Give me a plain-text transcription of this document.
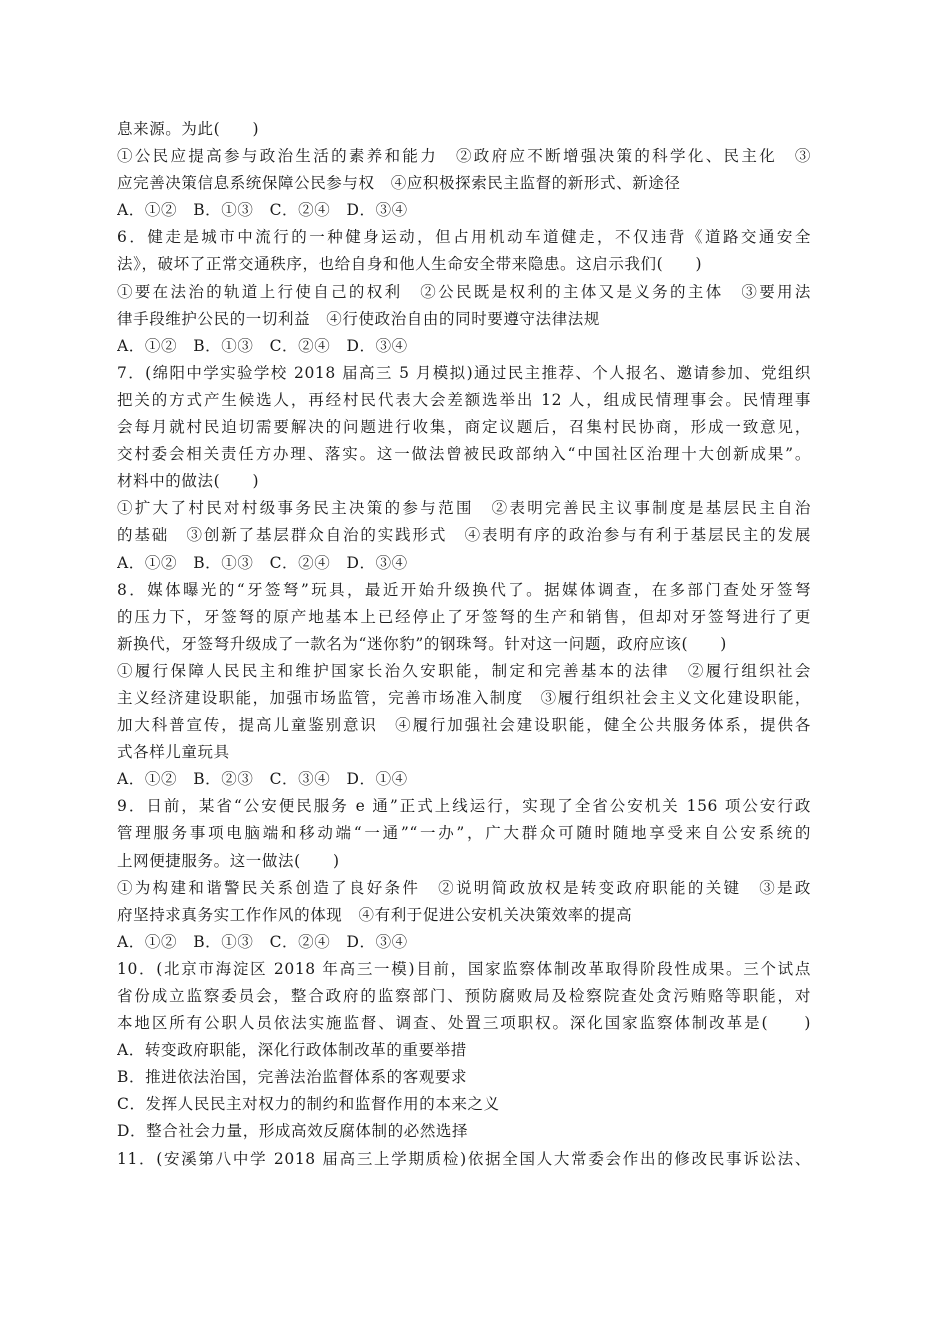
息来源。为此(　　)
①公民应提高参与政治生活的素养和能力　②政府应不断增强决策的科学化、民主化　③
应完善决策信息系统保障公民参与权　④应积极探索民主监督的新形式、新途径
A．①②　B．①③　C．②④　D．③④
6．健走是城市中流行的一种健身运动，但占用机动车道健走，不仅违背《道路交通安全
法》，破坏了正常交通秩序，也给自身和他人生命安全带来隐患。这启示我们(　　)
①要在法治的轨道上行使自己的权利　②公民既是权利的主体又是义务的主体　③要用法
律手段维护公民的一切利益　④行使政治自由的同时要遵守法律法规
A．①②　B．①③　C．②④　D．③④
7．(绵阳中学实验学校 2018 届高三 5 月模拟)通过民主推荐、个人报名、邀请参加、党组织
把关的方式产生候选人，再经村民代表大会差额选举出 12 人，组成民情理事会。民情理事
会每月就村民迫切需要解决的问题进行收集，商定议题后，召集村民协商，形成一致意见，
交村委会相关责任方办理、落实。这一做法曾被民政部纳入“中国社区治理十大创新成果”。
材料中的做法(　　)
①扩大了村民对村级事务民主决策的参与范围　②表明完善民主议事制度是基层民主自治
的基础　③创新了基层群众自治的实践形式　④表明有序的政治参与有利于基层民主的发展
A．①②　B．①③　C．②④　D．③④
8．媒体曝光的“牙签弩”玩具，最近开始升级换代了。据媒体调查，在多部门查处牙签弩
的压力下，牙签弩的原产地基本上已经停止了牙签弩的生产和销售，但却对牙签弩进行了更
新换代，牙签弩升级成了一款名为“迷你豹”的钢珠弩。针对这一问题，政府应该(　　)
①履行保障人民民主和维护国家长治久安职能，制定和完善基本的法律　②履行组织社会
主义经济建设职能，加强市场监管，完善市场准入制度　③履行组织社会主义文化建设职能，
加大科普宣传，提高儿童鉴别意识　④履行加强社会建设职能，健全公共服务体系，提供各
式各样儿童玩具
A．①②　B．②③　C．③④　D．①④
9．日前，某省“公安便民服务 e 通”正式上线运行，实现了全省公安机关 156 项公安行政
管理服务事项电脑端和移动端“一通”“一办”，广大群众可随时随地享受来自公安系统的
上网便捷服务。这一做法(　　)
①为构建和谐警民关系创造了良好条件　②说明简政放权是转变政府职能的关键　③是政
府坚持求真务实工作作风的体现　④有利于促进公安机关决策效率的提高
A．①②　B．①③　C．②④　D．③④
10．(北京市海淀区 2018 年高三一模)目前，国家监察体制改革取得阶段性成果。三个试点
省份成立监察委员会，整合政府的监察部门、预防腐败局及检察院查处贪污贿赂等职能，对
本地区所有公职人员依法实施监督、调查、处置三项职权。深化国家监察体制改革是(　　)
A．转变政府职能，深化行政体制改革的重要举措
B．推进依法治国，完善法治监督体系的客观要求
C．发挥人民民主对权力的制约和监督作用的本来之义
D．整合社会力量，形成高效反腐体制的必然选择
11．(安溪第八中学 2018 届高三上学期质检)依据全国人大常委会作出的修改民事诉讼法、
